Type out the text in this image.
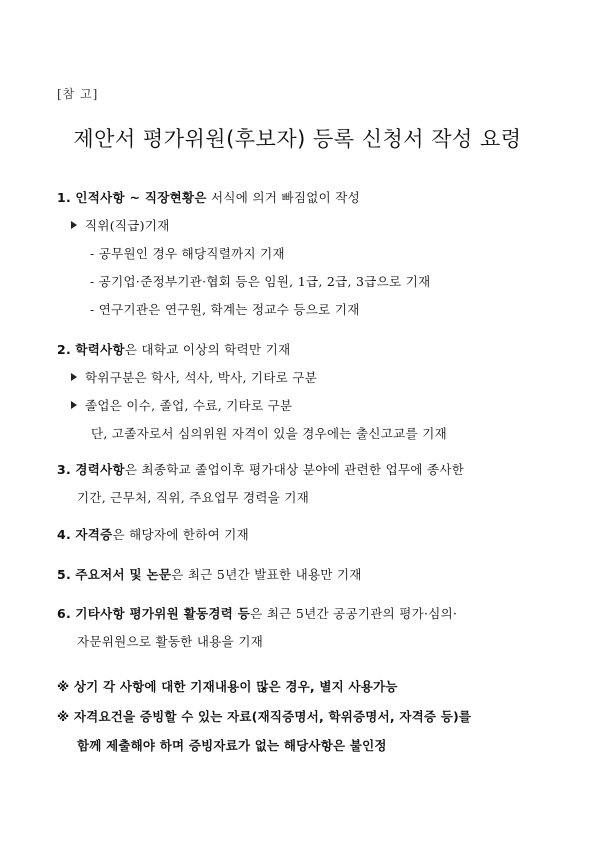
[참 고]
제안서 평가위원(후보자) 등록 신청서 작성 요령
1. 인적사항 ~ 직장현황은 서식에 의거 빠짐없이 작성
직위(직급)기재
- 공무원인 경우 해당직렬까지 기재
- 공기업·준정부기관·협회 등은 임원, 1급, 2급, 3급으로 기재
- 연구기관은 연구원, 학계는 정교수 등으로 기재
2. 학력사항은 대학교 이상의 학력만 기재
학위구분은 학사, 석사, 박사, 기타로 구분
졸업은 이수, 졸업, 수료, 기타로 구분
단, 고졸자로서 심의위원 자격이 있을 경우에는 출신고교를 기재
3. 경력사항은 최종학교 졸업이후 평가대상 분야에 관련한 업무에 종사한
기간, 근무처, 직위, 주요업무 경력을 기재
4. 자격증은 해당자에 한하여 기재
5. 주요저서 및 논문은 최근 5년간 발표한 내용만 기재
6. 기타사항 평가위원 활동경력 등은 최근 5년간 공공기관의 평가·심의·
자문위원으로 활동한 내용을 기재
※ 상기 각 사항에 대한 기재내용이 많은 경우, 별지 사용가능
※ 자격요건을 증빙할 수 있는 자료(재직증명서, 학위증명서, 자격증 등)를
함께 제출해야 하며 증빙자료가 없는 해당사항은 불인정
